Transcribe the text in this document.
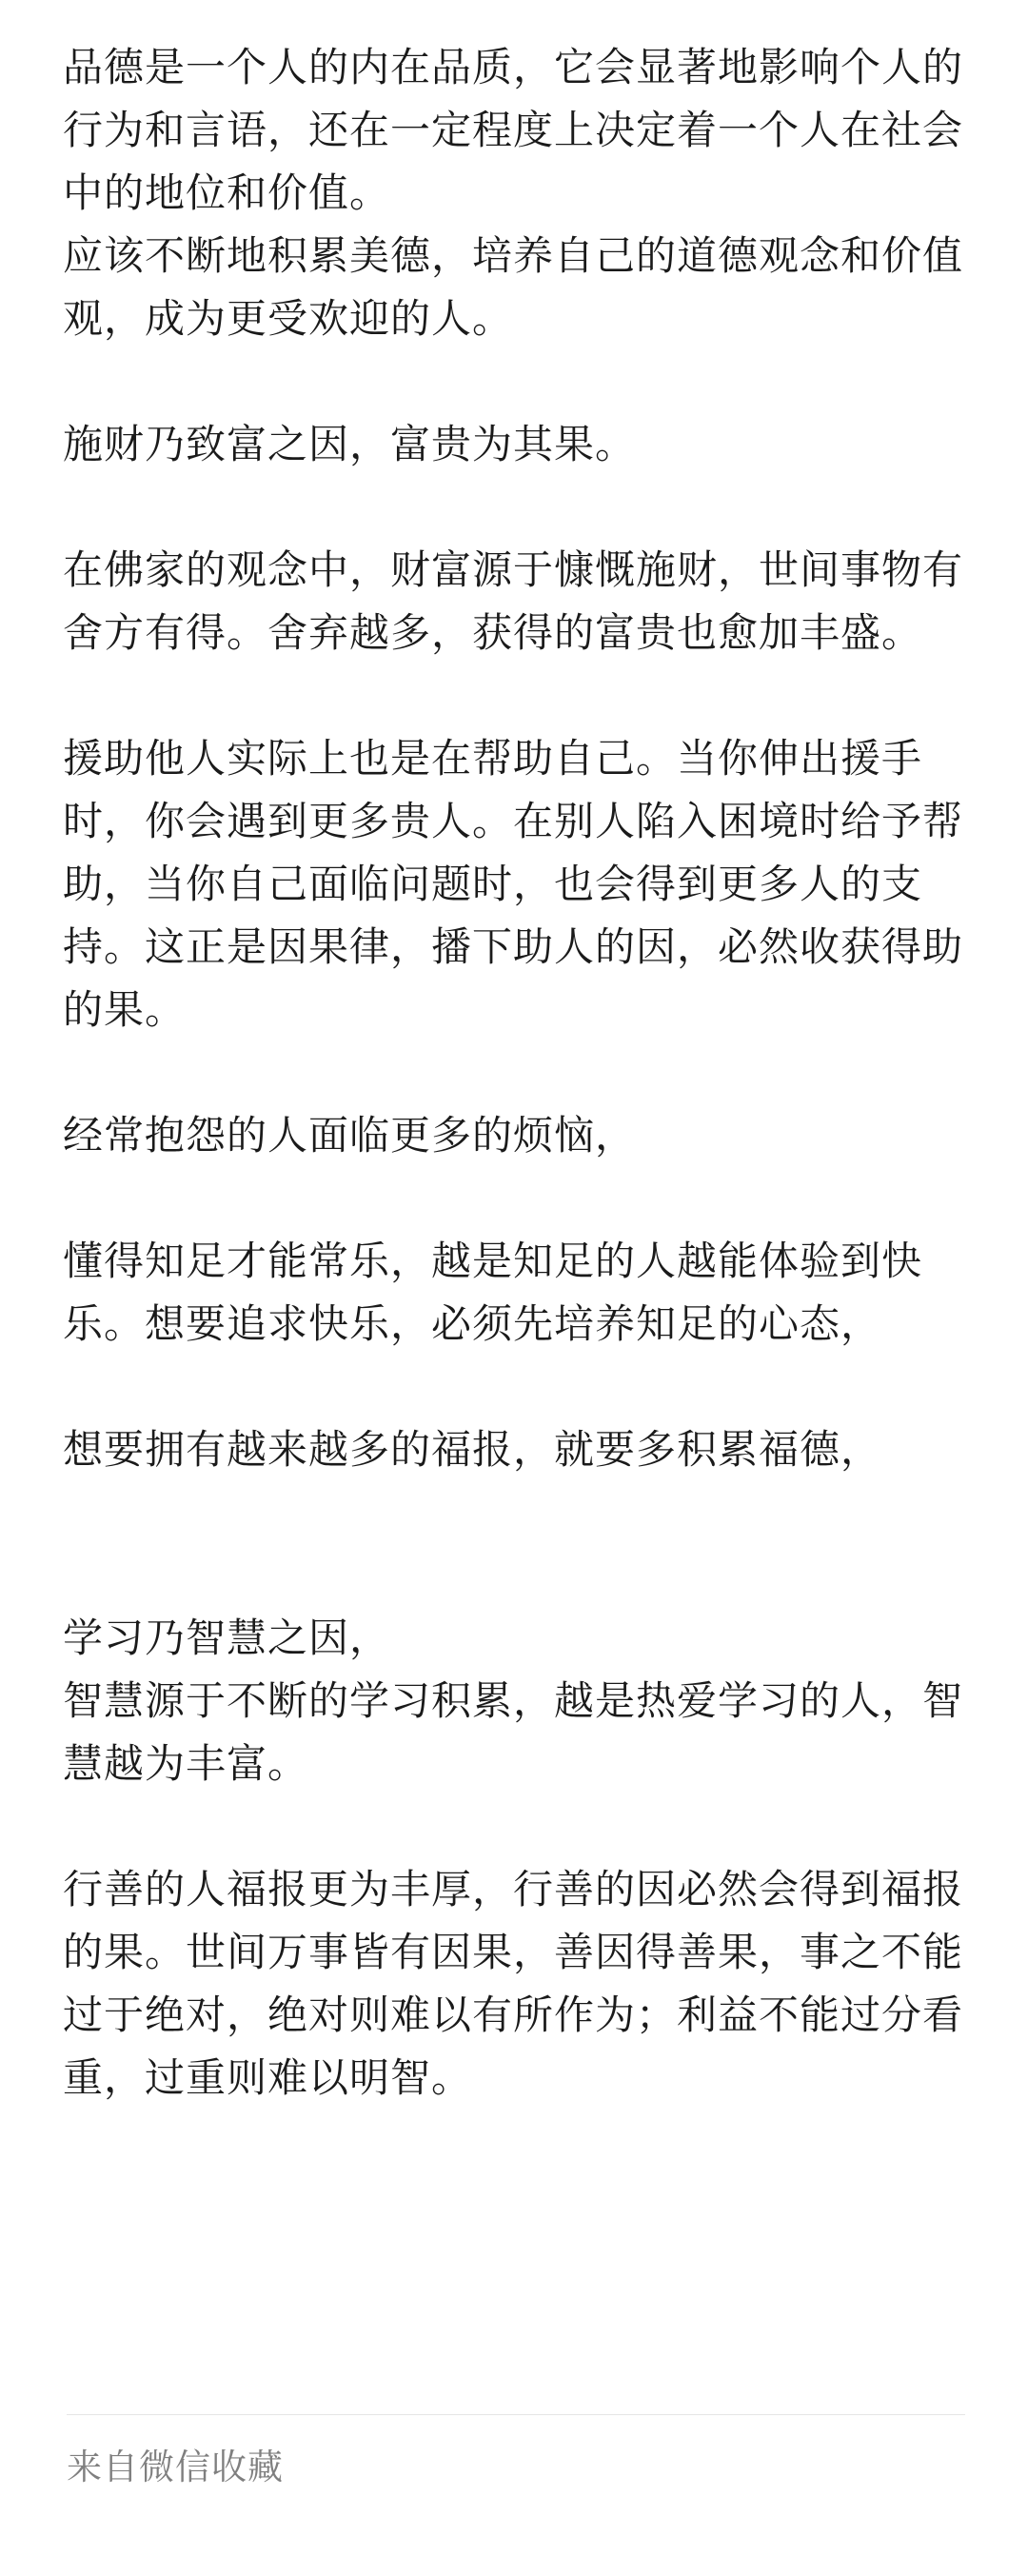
品德是一个人的内在品质，它会显著地影响个人的行为和言语，还在一定程度上决定着一个人在社会中的地位和价值。

应该不断地积累美德，培养自己的道德观念和价值观，成为更受欢迎的人。

施财乃致富之因，富贵为其果。

在佛家的观念中，财富源于慷慨施财，世间事物有舍方有得。舍弃越多，获得的富贵也愈加丰盛。

援助他人实际上也是在帮助自己。当你伸出援手时，你会遇到更多贵人。在别人陷入困境时给予帮助，当你自己面临问题时，也会得到更多人的支持。这正是因果律，播下助人的因，必然收获得助的果。

经常抱怨的人面临更多的烦恼，

懂得知足才能常乐，越是知足的人越能体验到快乐。想要追求快乐，必须先培养知足的心态，

想要拥有越来越多的福报，就要多积累福德，

学习乃智慧之因，

智慧源于不断的学习积累，越是热爱学习的人，智慧越为丰富。

行善的人福报更为丰厚，行善的因必然会得到福报的果。世间万事皆有因果，善因得善果，事之不能过于绝对，绝对则难以有所作为；利益不能过分看重，过重则难以明智。

来自微信收藏
